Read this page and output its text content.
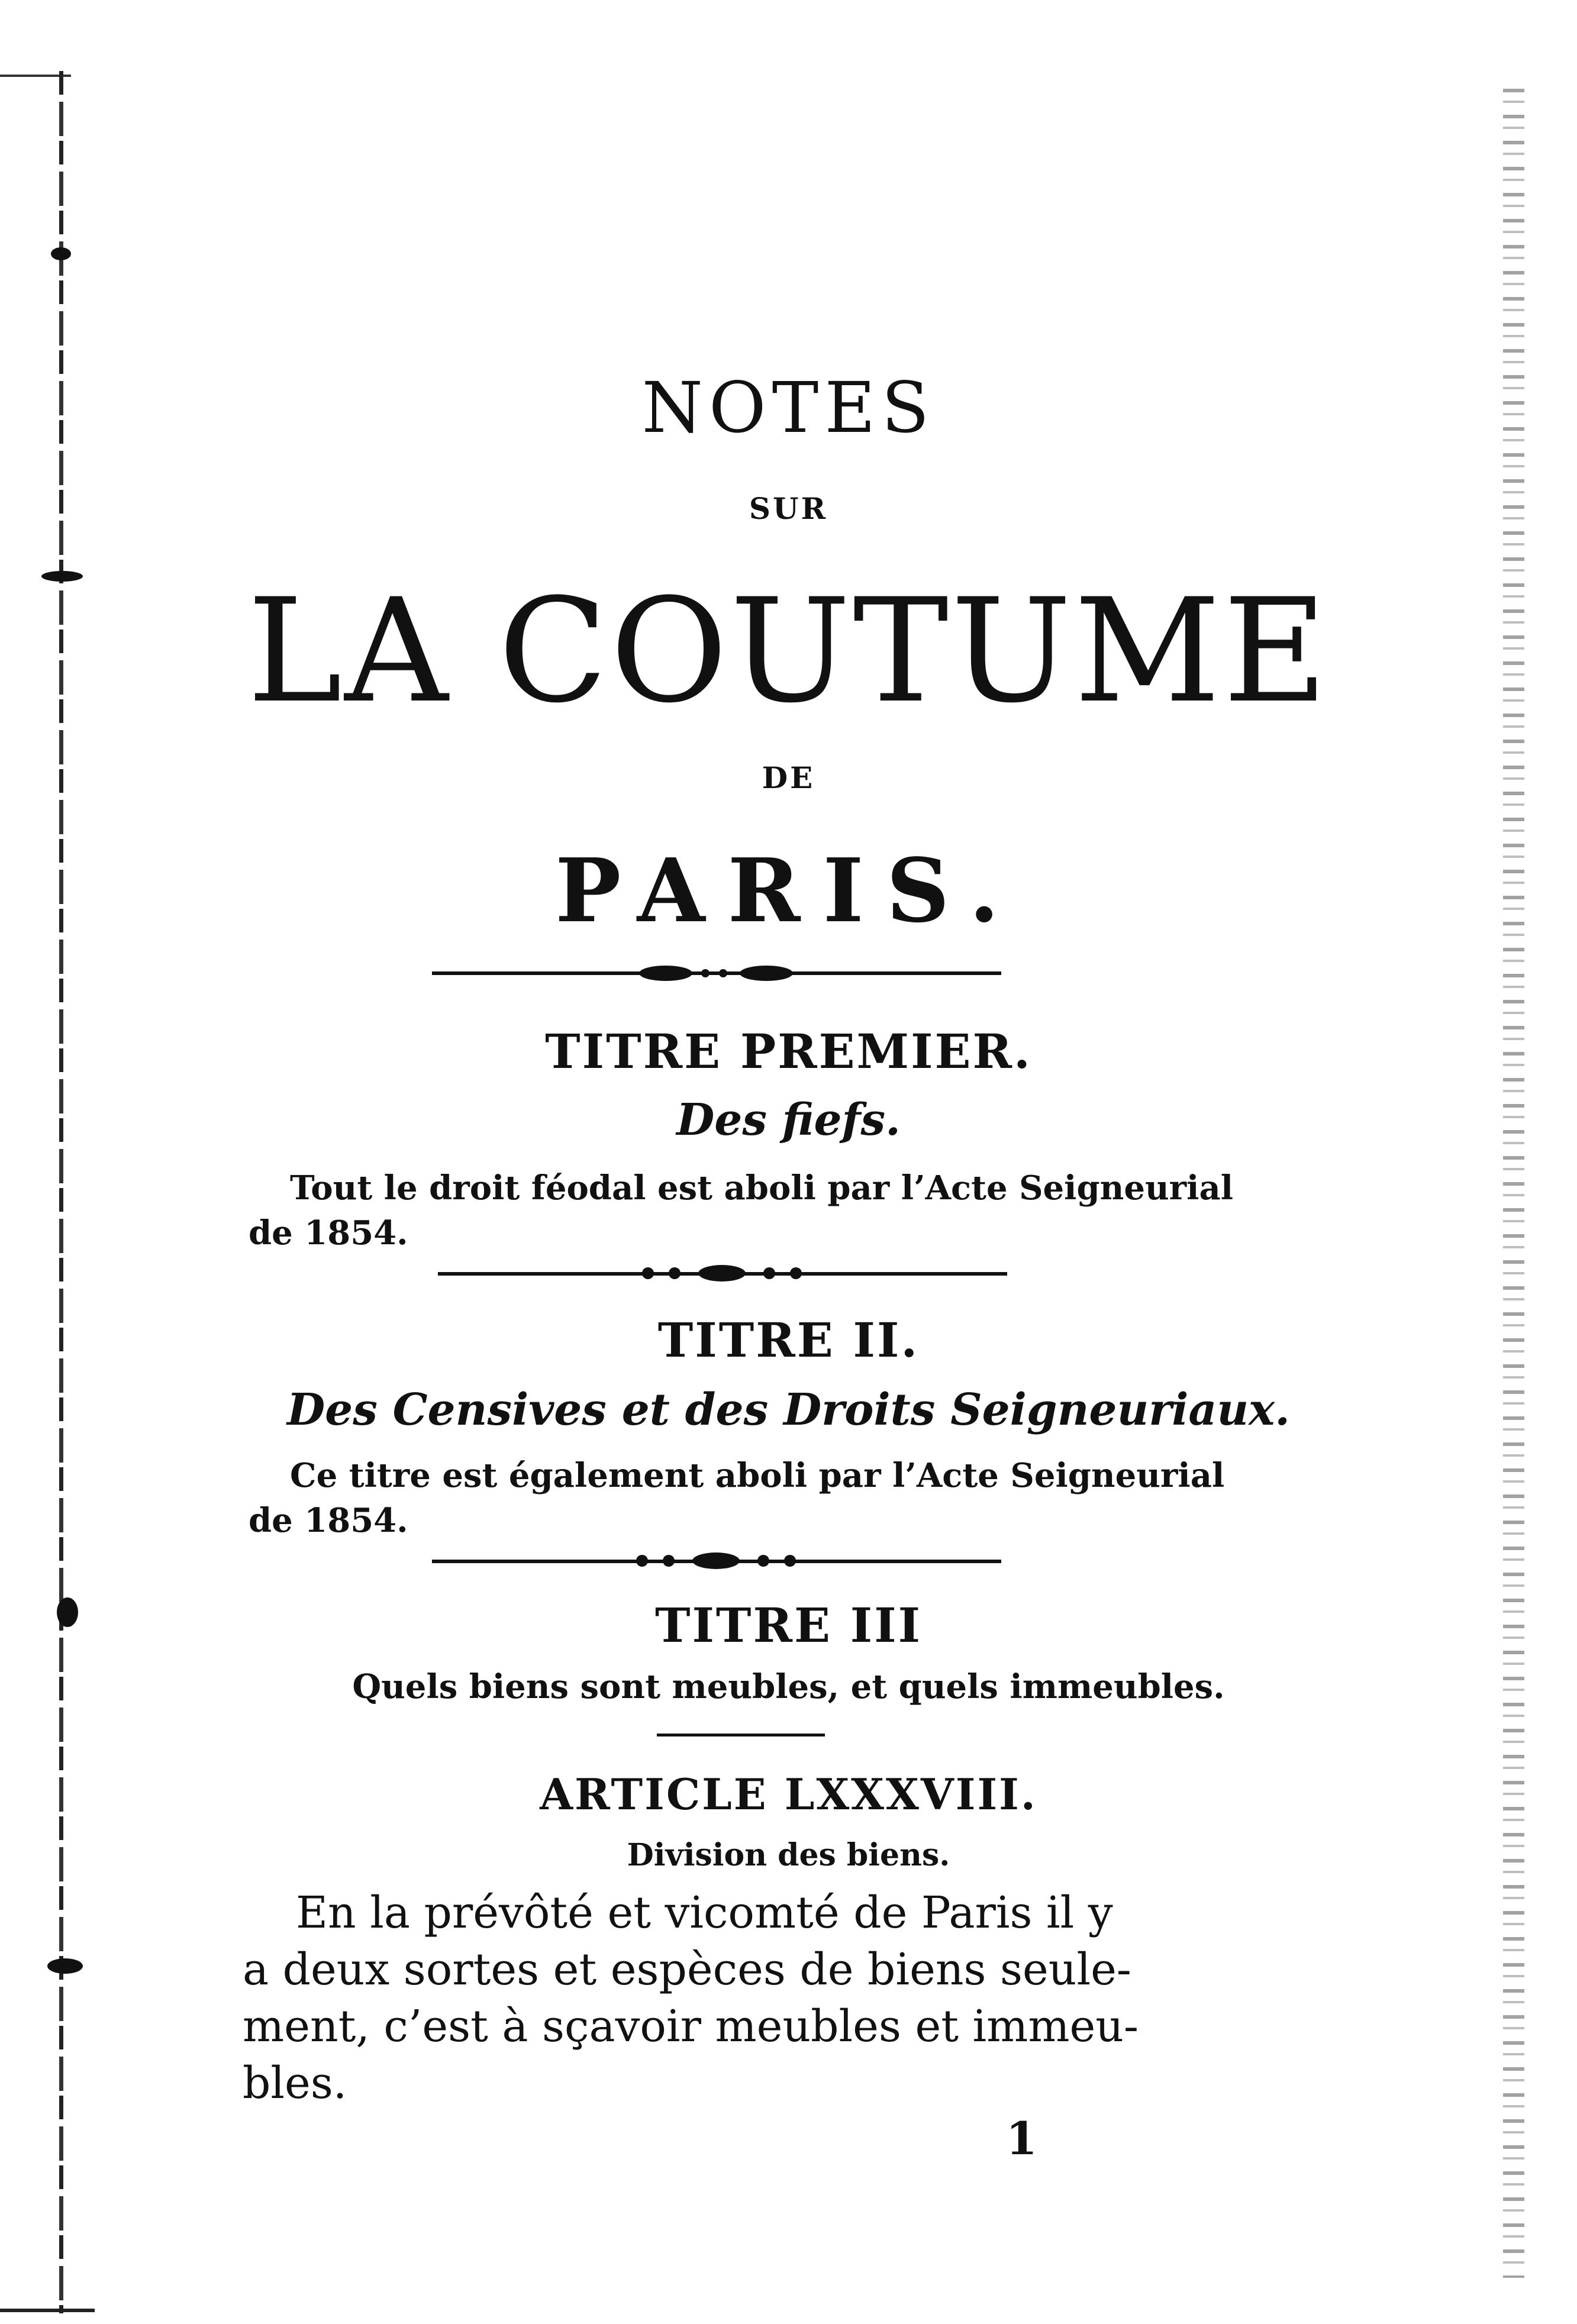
NOTES
SUR
LA COUTUME
DE
PARIS.
TITRE PREMIER.
Des fiefs.
Tout le droit féodal est aboli par l’Acte Seigneurial
de 1854.
TITRE II.
Des Censives et des Droits Seigneuriaux.
Ce titre est également aboli par l’Acte Seigneurial
de 1854.
TITRE III
Quels biens sont meubles, et quels immeubles.
ARTICLE LXXXVIII.
Division des biens.
En la prévôté et vicomté de Paris il y
a deux sortes et espèces de biens seule-
ment, c’est à sçavoir meubles et immeu-
bles.
1
